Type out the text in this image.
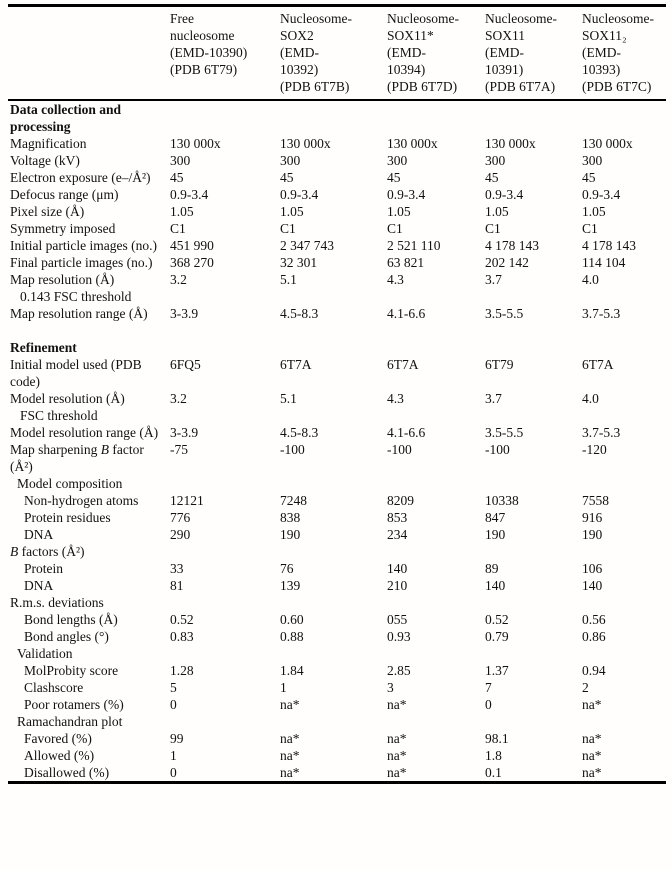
	Free
nucleosome
(EMD-10390)
(PDB 6T79)	Nucleosome-
SOX2
(EMD-
10392)
(PDB 6T7B)	Nucleosome-
SOX11*
(EMD-
10394)
(PDB 6T7D)	Nucleosome-
SOX11
(EMD-
10391)
(PDB 6T7A)	Nucleosome-
SOX11₂
(EMD-
10393)
(PDB 6T7C)
Data collection and processing					
Magnification	130 000x	130 000x	130 000x	130 000x	130 000x
Voltage (kV)	300	300	300	300	300
Electron exposure (e–/Å²)	45	45	45	45	45
Defocus range (μm)	0.9-3.4	0.9-3.4	0.9-3.4	0.9-3.4	0.9-3.4
Pixel size (Å)	1.05	1.05	1.05	1.05	1.05
Symmetry imposed	C1	C1	C1	C1	C1
Initial particle images (no.)	451 990	2 347 743	2 521 110	4 178 143	4 178 143
Final particle images (no.)	368 270	32 301	63 821	202 142	114 104
Map resolution (Å)
0.143 FSC threshold	3.2	5.1	4.3	3.7	4.0
Map resolution range (Å)	3-3.9	4.5-8.3	4.1-6.6	3.5-5.5	3.7-5.3

Refinement					
Initial model used (PDB code)	6FQ5	6T7A	6T7A	6T79	6T7A
Model resolution (Å)
FSC threshold	3.2	5.1	4.3	3.7	4.0
Model resolution range (Å)	3-3.9	4.5-8.3	4.1-6.6	3.5-5.5	3.7-5.3
Map sharpening B factor (Å²)	-75	-100	-100	-100	-120
Model composition					
Non-hydrogen atoms	12121	7248	8209	10338	7558
Protein residues	776	838	853	847	916
DNA	290	190	234	190	190
B factors (Å²)					
Protein	33	76	140	89	106
DNA	81	139	210	140	140
R.m.s. deviations					
Bond lengths (Å)	0.52	0.60	055	0.52	0.56
Bond angles (°)	0.83	0.88	0.93	0.79	0.86
Validation					
MolProbity score	1.28	1.84	2.85	1.37	0.94
Clashscore	5	1	3	7	2
Poor rotamers (%)	0	na*	na*	0	na*
Ramachandran plot					
Favored (%)	99	na*	na*	98.1	na*
Allowed (%)	1	na*	na*	1.8	na*
Disallowed (%)	0	na*	na*	0.1	na*
